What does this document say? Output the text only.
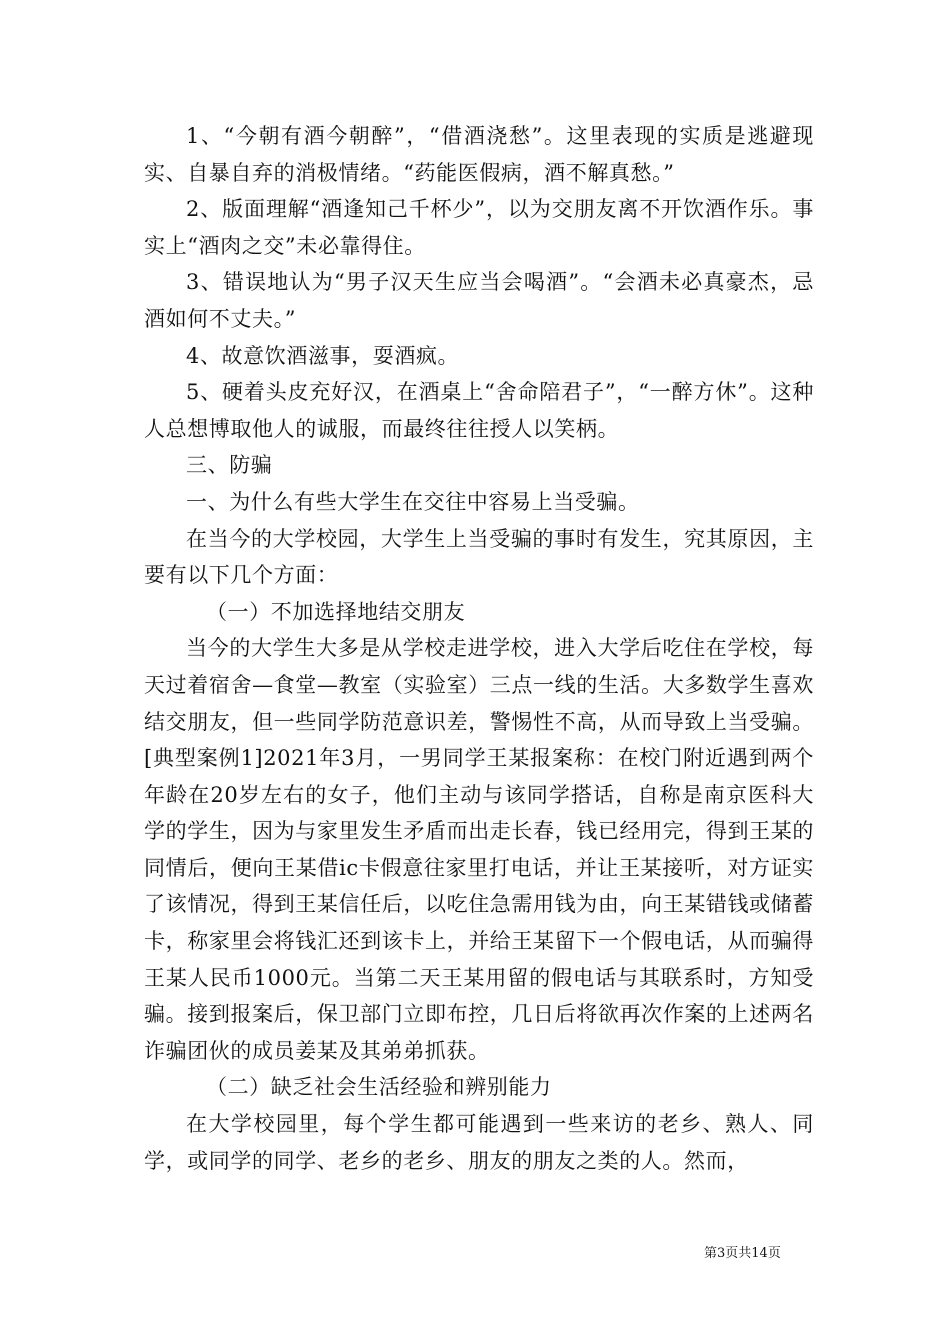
1、“今朝有酒今朝醉”，“借酒浇愁”。这里表现的实质是逃避现实、自暴自弃的消极情绪。“药能医假病，酒不解真愁。”

2、版面理解“酒逢知己千杯少”，以为交朋友离不开饮酒作乐。事实上“酒肉之交”未必靠得住。

3、错误地认为“男子汉天生应当会喝酒”。“会酒未必真豪杰，忌酒如何不丈夫。”

4、故意饮酒滋事，耍酒疯。

5、硬着头皮充好汉，在酒桌上“舍命陪君子”，“一醉方休”。这种人总想博取他人的诚服，而最终往往授人以笑柄。

三、防骗

一、为什么有些大学生在交往中容易上当受骗。

在当今的大学校园，大学生上当受骗的事时有发生，究其原因，主要有以下几个方面：

（一）不加选择地结交朋友

当今的大学生大多是从学校走进学校，进入大学后吃住在学校，每天过着宿舍—食堂—教室（实验室）三点一线的生活。大多数学生喜欢结交朋友，但一些同学防范意识差，警惕性不高，从而导致上当受骗。[典型案例1]2021年3月，一男同学王某报案称：在校门附近遇到两个年龄在20岁左右的女子，他们主动与该同学搭话，自称是南京医科大学的学生，因为与家里发生矛盾而出走长春，钱已经用完，得到王某的同情后，便向王某借ic卡假意往家里打电话，并让王某接听，对方证实了该情况，得到王某信任后，以吃住急需用钱为由，向王某错钱或储蓄卡，称家里会将钱汇还到该卡上，并给王某留下一个假电话，从而骗得王某人民币1000元。当第二天王某用留的假电话与其联系时，方知受骗。接到报案后，保卫部门立即布控，几日后将欲再次作案的上述两名诈骗团伙的成员姜某及其弟弟抓获。

（二）缺乏社会生活经验和辨别能力

在大学校园里，每个学生都可能遇到一些来访的老乡、熟人、同学，或同学的同学、老乡的老乡、朋友的朋友之类的人。然而，

第3页共14页
